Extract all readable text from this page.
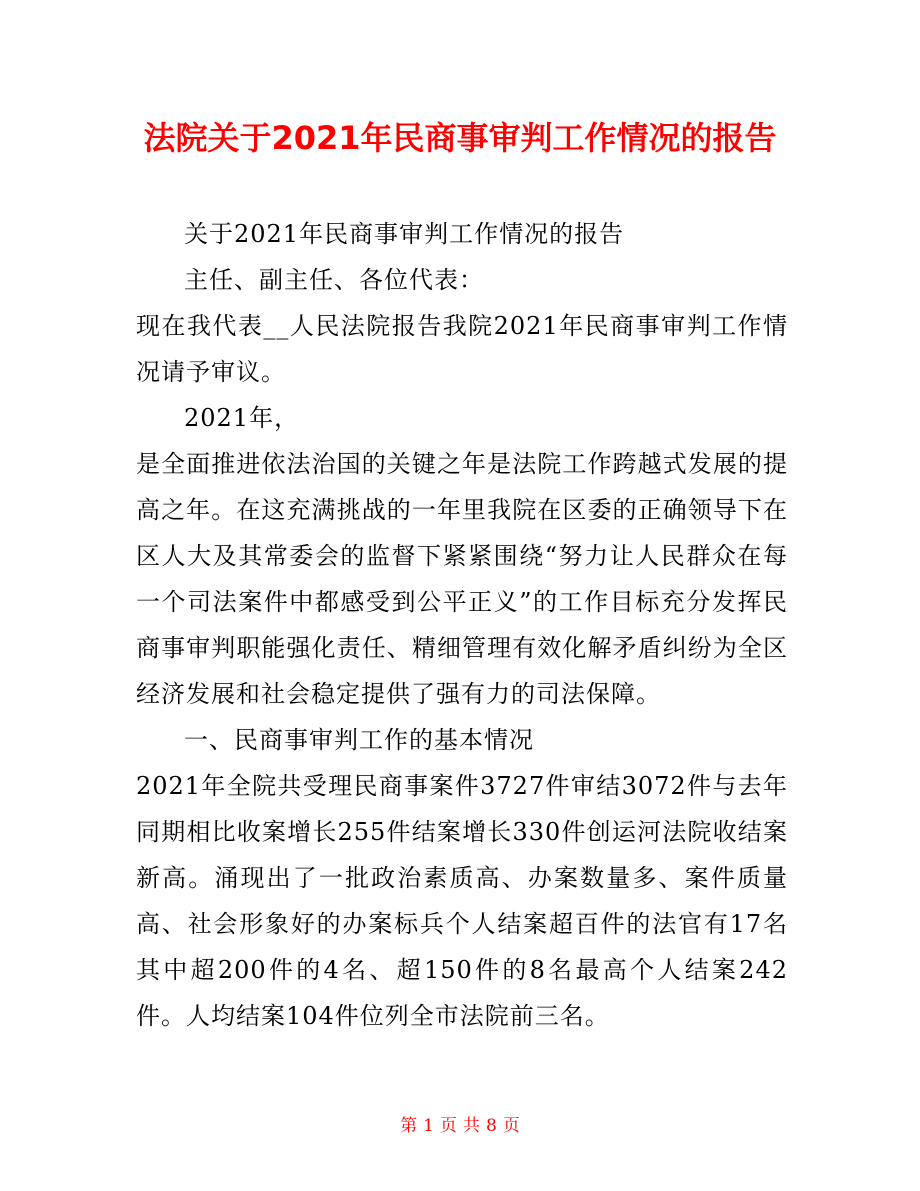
法院关于2021年民商事审判工作情况的报告

关于2021年民商事审判工作情况的报告

主任、副主任、各位代表：

现在我代表__人民法院报告我院2021年民商事审判工作情况请予审议。

2021年，

是全面推进依法治国的关键之年是法院工作跨越式发展的提高之年。在这充满挑战的一年里我院在区委的正确领导下在区人大及其常委会的监督下紧紧围绕“努力让人民群众在每一个司法案件中都感受到公平正义”的工作目标充分发挥民商事审判职能强化责任、精细管理有效化解矛盾纠纷为全区经济发展和社会稳定提供了强有力的司法保障。

一、民商事审判工作的基本情况

2021年全院共受理民商事案件3727件审结3072件与去年同期相比收案增长255件结案增长330件创运河法院收结案新高。涌现出了一批政治素质高、办案数量多、案件质量高、社会形象好的办案标兵个人结案超百件的法官有17名其中超200件的4名、超150件的8名最高个人结案242件。人均结案104件位列全市法院前三名。

第 1 页 共 8 页
